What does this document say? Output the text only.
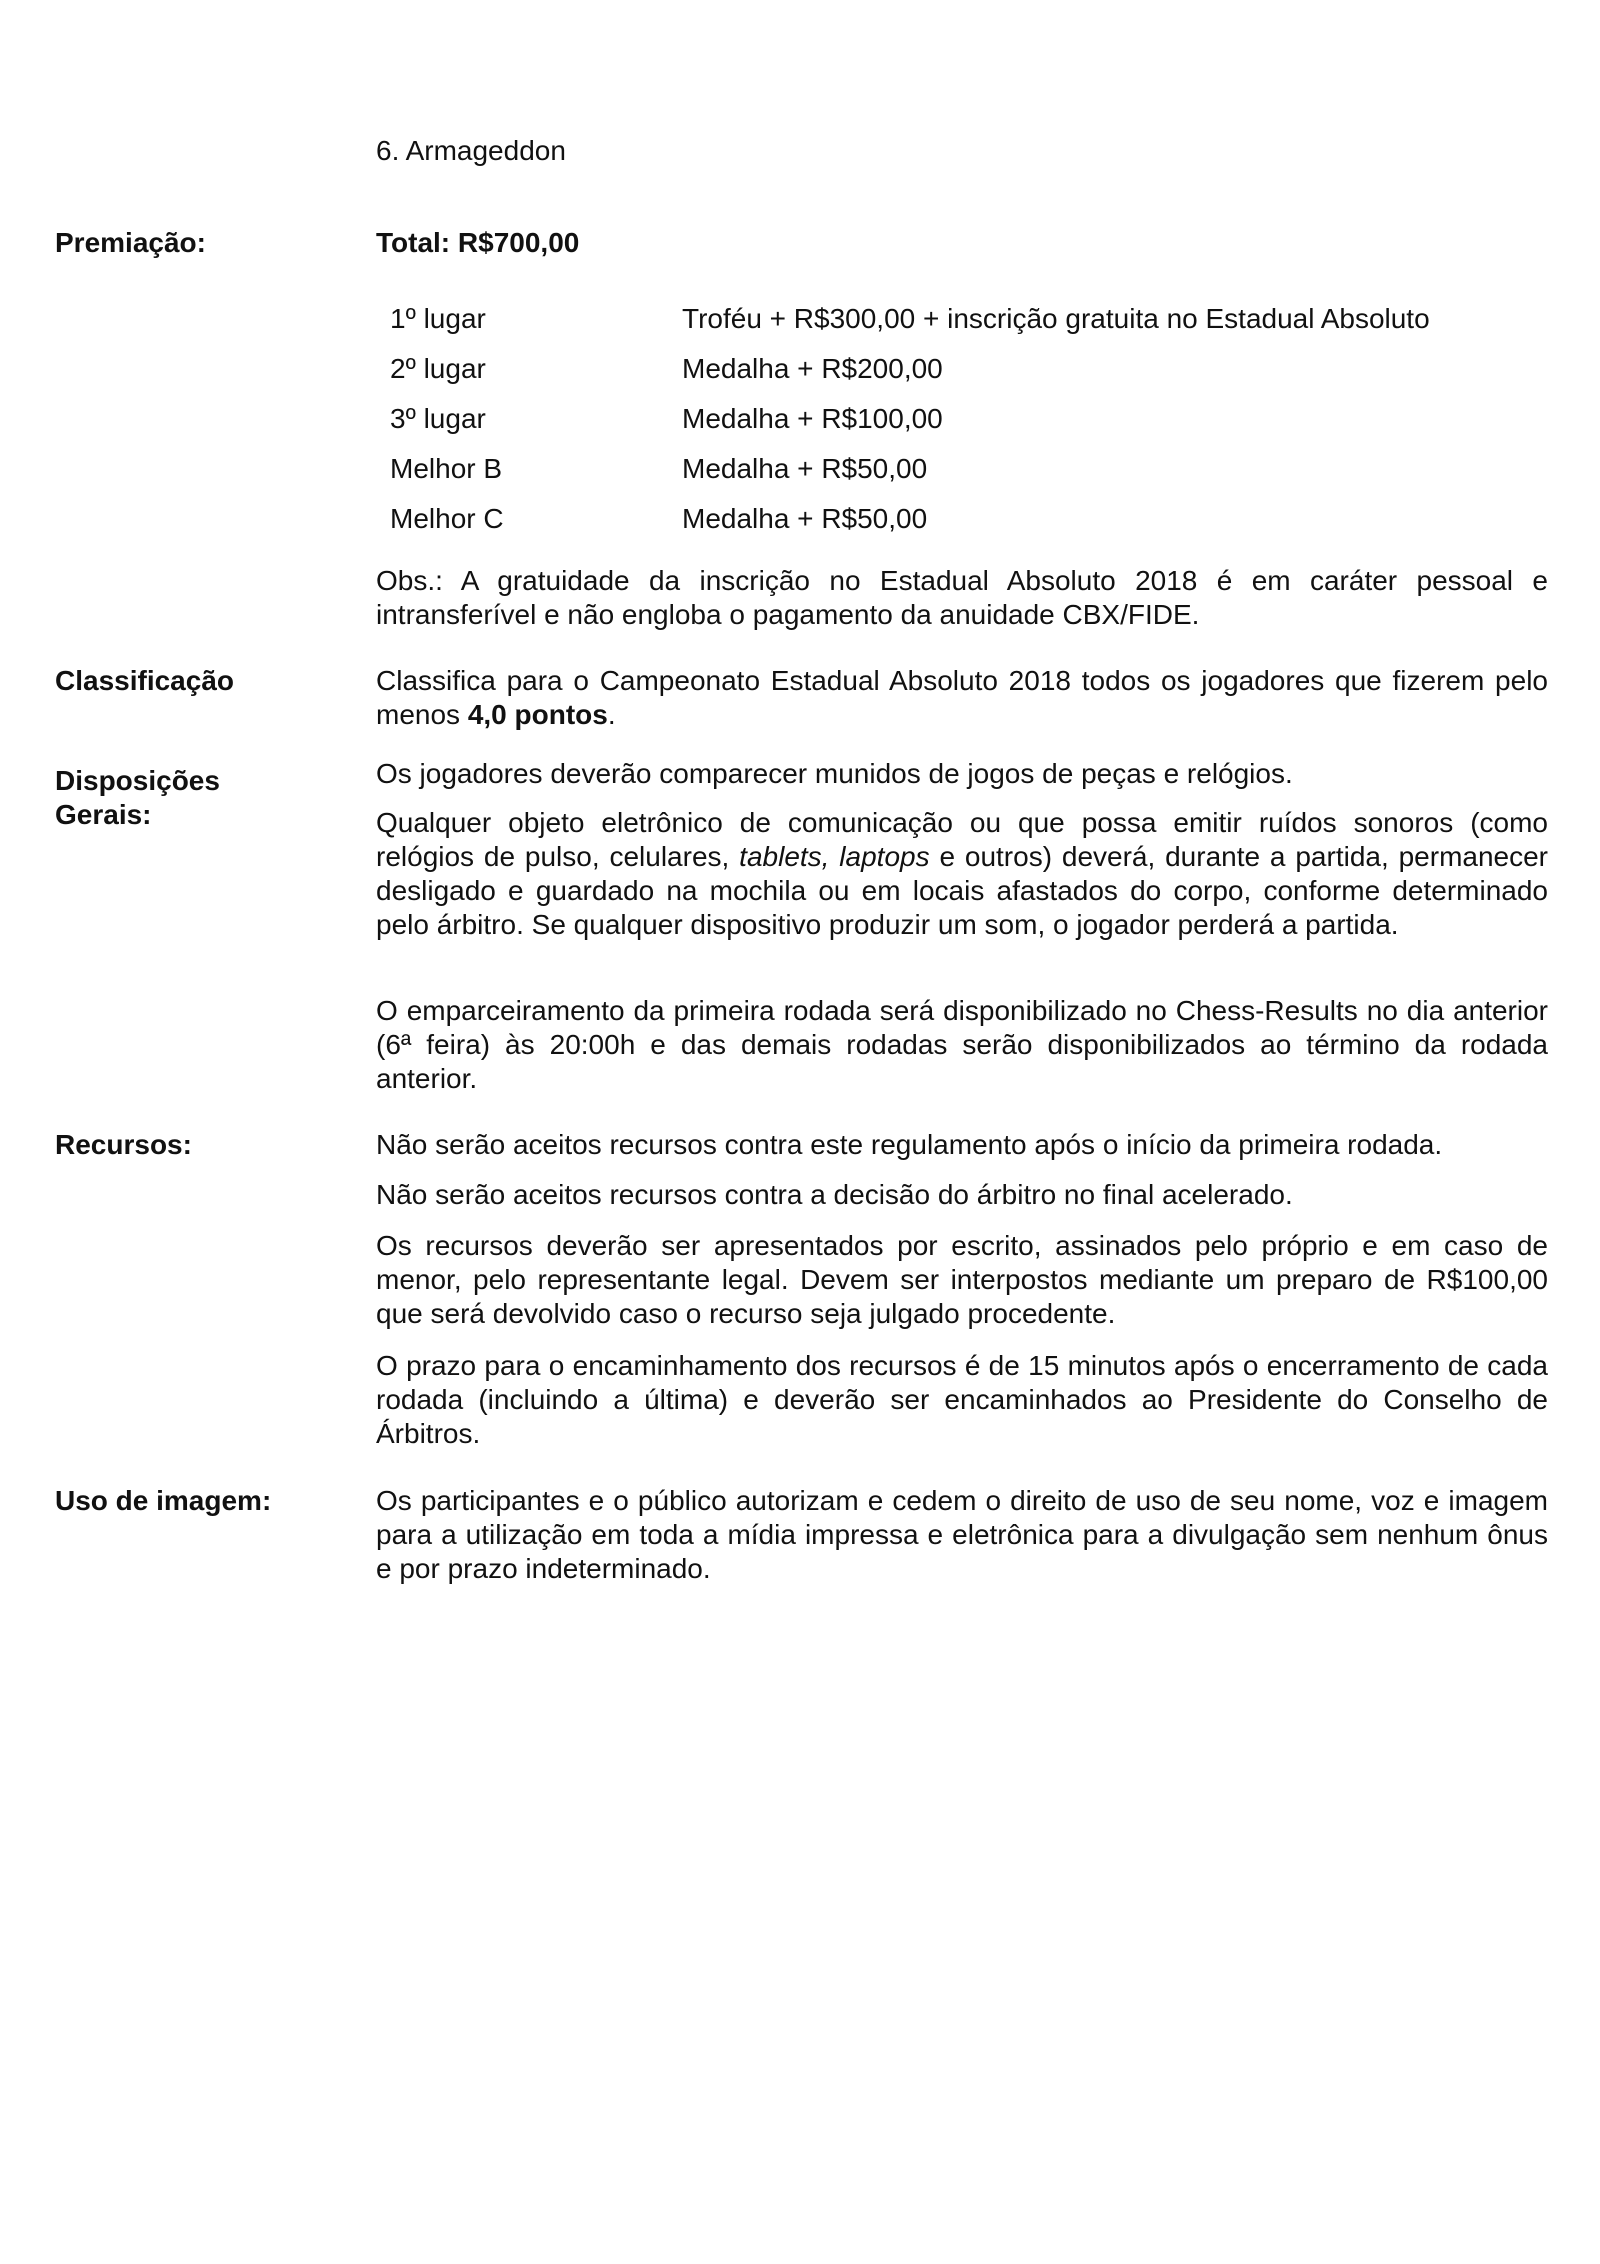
6. Armageddon
Premiação:	Total: R$700,00
1º lugar	Troféu + R$300,00 + inscrição gratuita no Estadual Absoluto
2º lugar	Medalha + R$200,00
3º lugar	Medalha + R$100,00
Melhor B	Medalha + R$50,00
Melhor C	Medalha + R$50,00
Obs.: A gratuidade da inscrição no Estadual Absoluto 2018 é em caráter pessoal e intransferível e não engloba o pagamento da anuidade CBX/FIDE.
Classificação	Classifica para o Campeonato Estadual Absoluto 2018 todos os jogadores que fizerem pelo menos 4,0 pontos.
Disposições
Gerais:
Os jogadores deverão comparecer munidos de jogos de peças e relógios.
Qualquer objeto eletrônico de comunicação ou que possa emitir ruídos sonoros (como relógios de pulso, celulares, tablets, laptops e outros) deverá, durante a partida, permanecer desligado e guardado na mochila ou em locais afastados do corpo, conforme determinado pelo árbitro. Se qualquer dispositivo produzir um som, o jogador perderá a partida.
O emparceiramento da primeira rodada será disponibilizado no Chess-Results no dia anterior (6ª feira) às 20:00h e das demais rodadas serão disponibilizados ao término da rodada anterior.
Recursos:	Não serão aceitos recursos contra este regulamento após o início da primeira rodada.
Não serão aceitos recursos contra a decisão do árbitro no final acelerado.
Os recursos deverão ser apresentados por escrito, assinados pelo próprio e em caso de menor, pelo representante legal. Devem ser interpostos mediante um preparo de R$100,00 que será devolvido caso o recurso seja julgado procedente.
O prazo para o encaminhamento dos recursos é de 15 minutos após o encerramento de cada rodada (incluindo a última) e deverão ser encaminhados ao Presidente do Conselho de Árbitros.
Uso de imagem:	Os participantes e o público autorizam e cedem o direito de uso de seu nome, voz e imagem para a utilização em toda a mídia impressa e eletrônica para a divulgação sem nenhum ônus e por prazo indeterminado.
